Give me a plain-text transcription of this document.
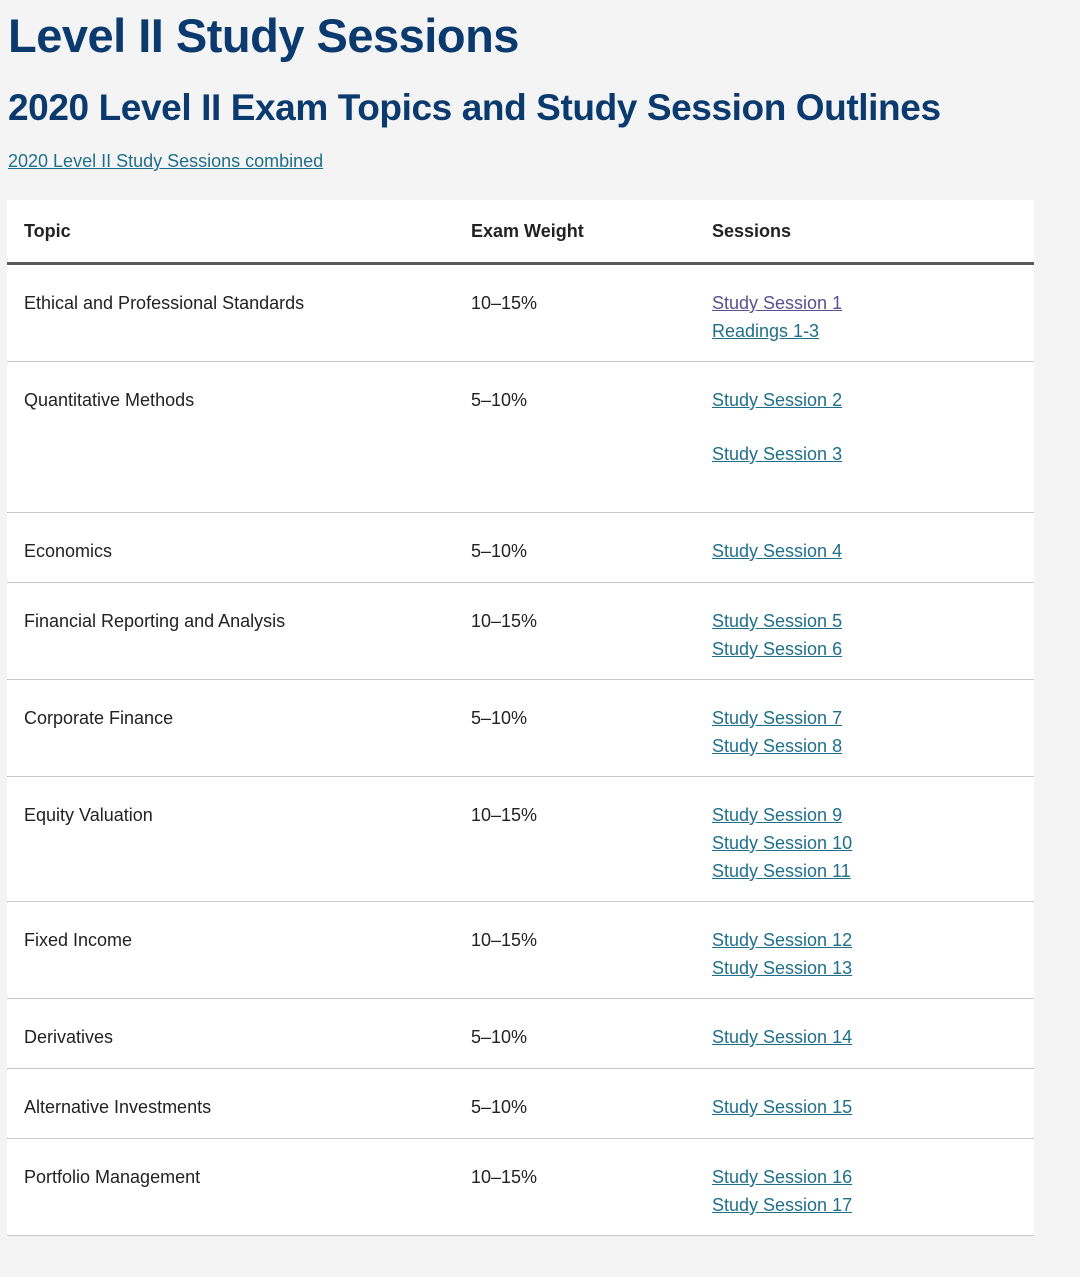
Level II Study Sessions
2020 Level II Exam Topics and Study Session Outlines
2020 Level II Study Sessions combined
Topic	Exam Weight	Sessions
Ethical and Professional Standards	10–15%	Study Session 1
Readings 1-3
Quantitative Methods	5–10%	Study Session 2
Study Session 3
Economics	5–10%	Study Session 4
Financial Reporting and Analysis	10–15%	Study Session 5
Study Session 6
Corporate Finance	5–10%	Study Session 7
Study Session 8
Equity Valuation	10–15%	Study Session 9
Study Session 10
Study Session 11
Fixed Income	10–15%	Study Session 12
Study Session 13
Derivatives	5–10%	Study Session 14
Alternative Investments	5–10%	Study Session 15
Portfolio Management	10–15%	Study Session 16
Study Session 17
